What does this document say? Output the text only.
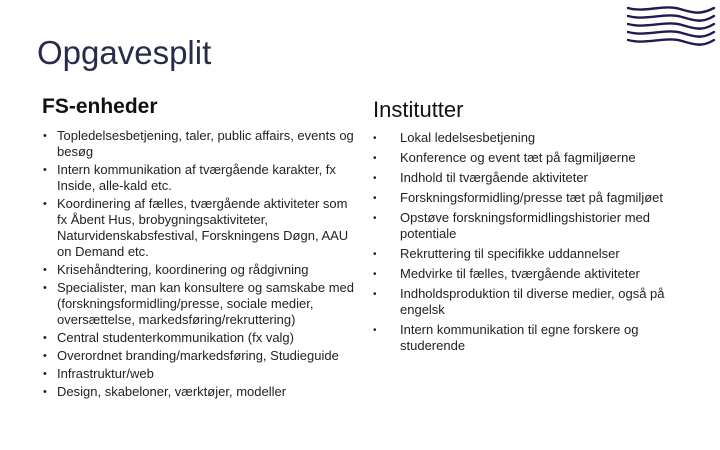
Opgavesplit
FS-enheder	Institutter
• Topledelsesbetjening, taler, public affairs, events og besøg
• Intern kommunikation af tværgående karakter, fx Inside, alle-kald etc.
• Koordinering af fælles, tværgående aktiviteter som fx Åbent Hus, brobygningsaktiviteter, Naturvidenskabsfestival, Forskningens Døgn, AAU on Demand etc.
• Krisehåndtering, koordinering og rådgivning
• Specialister, man kan konsultere og samskabe med (forskningsformidling/presse, sociale medier, oversættelse, markedsføring/rekruttering)
• Central studenterkommunikation (fx valg)
• Overordnet branding/markedsføring, Studieguide
• Infrastruktur/web
• Design, skabeloner, værktøjer, modeller
• Lokal ledelsesbetjening
• Konference og event tæt på fagmiljøerne
• Indhold til tværgående aktiviteter
• Forskningsformidling/presse tæt på fagmiljøet
• Opstøve forskningsformidlingshistorier med potentiale
• Rekruttering til specifikke uddannelser
• Medvirke til fælles, tværgående aktiviteter
• Indholdsproduktion til diverse medier, også på engelsk
• Intern kommunikation til egne forskere og studerende
